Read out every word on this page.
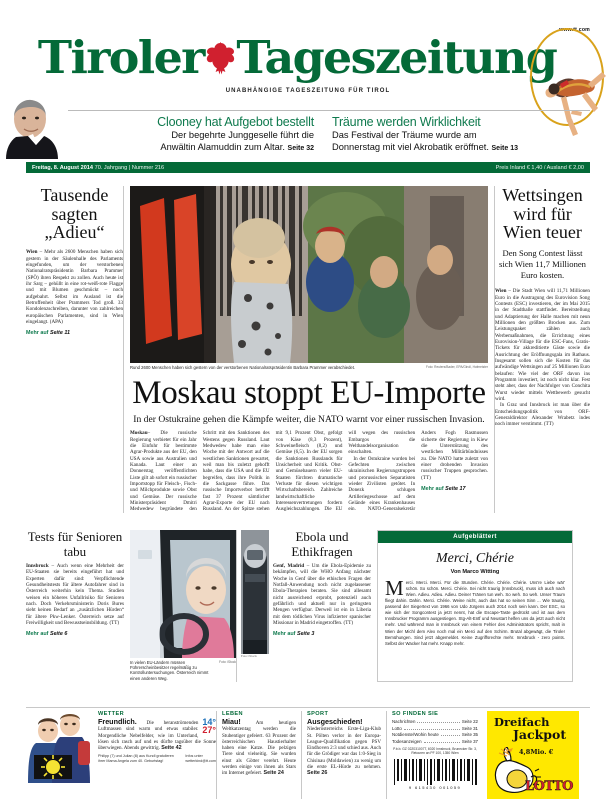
www.tt.com
Tiroler Tageszeitung
UNABHÄNGIGE TAGESZEITUNG FÜR TIROL
Clooney hat Aufgebot bestellt
Der begehrte Junggeselle führt die
Anwältin Alamuddin zum Altar. Seite 32
Träume werden Wirklichkeit
Das Festival der Träume wurde am
Donnerstag mit viel Akrobatik eröffnet. Seite 13
Freitag, 8. August 2014 70. Jahrgang | Nummer 216	Preis Inland € 1,40 / Ausland € 2,00
Tausende sagten „Adieu“
Wien – Mehr als 2600 Menschen haben sich gestern in der Säulenhalle des Parlaments eingefunden, um der verstorbenen Nationalratspräsidentin Barbara Prammer (SPÖ) ihren Respekt zu zollen. Auch heute ist ihr Sarg – gehüllt in eine rot-weiß-rote Flagge und mit Blumen geschmückt – noch aufgebahrt. Selbst im Ausland ist die Betroffenheit über Prammers Tod groß. 33 Kondolenzschreiben, darunter von zahlreichen europäischen Parlamenten, sind in Wien eingelangt. (APA)
Mehr auf Seite 11
Rund 2600 Menschen haben sich gestern von der verstorbenen Nationalratspräsidentin Barbara Prammer verabschiedet.	Foto: Reuters/Bader, EPA/Gindl, Hofmeister
Moskau stoppt EU-Importe
In der Ostukraine gehen die Kämpfe weiter, die NATO warnt vor einer russischen Invasion.

Moskau– Die russische Regierung verbietet für ein Jahr die Einfuhr für bestimmte Agrar-Produkte aus der EU, den USA sowie aus Australien und Kanada. Laut einer an Donnerstag veröffentlichten Liste gilt ab sofort ein russischer Importstopp für Fleisch-, Fisch- und Milchprodukte sowie Obst und Gemüse. Der russische Ministerpräsident Dmitri Medwedew begründete den Schritt mit den Sanktionen des Westens gegen Russland. Laut Medwedew habe man eine Woche mit der Antwort auf die westlichen Sanktionen gewartet, weil man bis zuletzt gehofft habe, dass die USA und die EU begreifen, dass ihre Politik in die Sackgasse führe. Das russische Importverbot betrifft fast 37 Prozent sämtlicher Agrar-Exporte der EU nach Russland. An der Spitze stehen mit 9,1 Prozent Obst, gefolgt von Käse (8,3 Prozent), Schweinefleisch (8,2) und Gemüse (6,5). In der EU sorgen die Sanktionen Russlands für Unsicherheit und Kritik. Obst- und Gemüsebauern vieler EU-Staaten fürchten dramatische Verluste für diesen wichtigen Wirtschaftsbereich. Zahlreiche landwirtschaftliche Interessenvertretungen fordern Ausgleichszahlungen. Die EU will wegen des russischen Embargos die Welthandelsorganisation einschalten.

In der Ostukraine wurden bei Gefechten zwischen ukrainischen Regierungstruppen und prorussischen Separatisten wieder Zivilisten getötet. In Donezk schlugen Artilleriegeschosse auf dem Gelände eines Krankenhauses ein. NATO-Generalsekretär Anders Fogh Rasmussen sicherte der Regierung in Kiew die Unterstützung des westlichen Militärbündnisses zu. Die NATO hatte zuletzt von einer drohenden Invasion russischer Truppen gesprochen. (TT)

Mehr auf Seite 17
Wettsingen wird für Wien teuer
Den Song Contest lässt sich Wien 11,7 Millionen Euro kosten.
Wien – Die Stadt Wien will 11,71 Millionen Euro in die Austragung des Eurovision Song Contests (ESC) investieren, der im Mai 2015 in der Stadthalle stattfindet. Bereitstellung und Adaptierung der Halle machen mit neun Millionen den größten Brocken aus. Zum Leistungspaket zählen auch Werbemaßnahmen, die Errichtung eines Eurovision-Village für die ESC-Fans, Gratis-Tickets für akkreditierte Gäste sowie die Ausrichtung der Eröffnungsgala im Rathaus. Insgesamt sollen sich die Kosten für das aufwändige Wettsingen auf 25 Millionen Euro belaufen: Wie viel der ORF davon ins Programm investiert, ist noch nicht klar. Fest steht aber, dass der Nachfolger von Conchita Wurst wieder mittels Wettbewerb gesucht wird.
In Graz und Innsbruck ist man über die Entscheidungspolitik von ORF-Generaldirektor Alexander Wrabetz indes noch immer verstimmt. (TT)
Tests für Senioren tabu
Innsbruck – Auch wenn eine Mehrheit der EU-Staaten sie bereits eingeführt hat und Experten dafür sind: Verpflichtende Gesundheitstests für ältere Autofahrer sind in Österreich weiterhin kein Thema. Studien weisen ein höheres Unfallrisiko für Senioren nach. Doch Verkehrsministerin Doris Bures sieht keinen Bedarf an „zusätzlichen Hürden“ für ältere Pkw-Lenker. Österreich setze auf Freiwilligkeit und Bewusstseinsbildung. (TT)
Mehr auf Seite 6
In vielen EU-Ländern müssen Führerscheinbesitzer regelmäßig zu Kontrolluntersuchungen. Österreich nimmt einen anderen Weg.
Foto: iStock
Foto: iStock
Ebola und Ethikfragen
Genf, Madrid – Um die Ebola-Epidemie zu bekämpfen, will die WHO Anfang nächster Woche in Genf über die ethischen Fragen der Notfall-Anwendung noch nicht zugelassener Ebola-Therapien beraten. Sie sind allesamt nicht ausreichend erprobt, potenziell auch gefährlich und aktuell nur in geringsten Mengen verfügbar. Derweil ist ein in Liberia mit dem tödlichen Virus infizierter spanischer Missionar in Madrid eingetroffen. (TT)
Mehr auf Seite 3
Aufgeblättert
Merci, Chérie
Von Marco Witting
Merci. Merci. Merci. Für die Stunden. Chérie. Chérie. Chérie. Uns're Liebe wär' schön. So schön. Merci. Chérie. Sei nicht traurig (Innsbruck), muss ich auch nach Wien. Adieu. Adieu. Adieu. Deiner Tränen tun weh. So weh. So weh. Unser Traum fliegt dahin. Dahin. Merci. Chérie. Weine nicht, auch das hat so seinen Sinn ... Wie traurig, passend der Siegertext von 1966 von Udo Jürgens auch 2014 noch sein kann. Der ESC, so wie sich der Songcontest ja jetzt nennt, hat die Escape-Taste gedrückt und ist aus dem Innsbrucker Programm ausgestiegen. Stg-Alt-Entf und Neustart helfen uns da jetzt auch nicht mehr. Und während man in Innsbruck von einem Fehler des Administrators spricht, malt in Wien der Michl dem Alex noch mal ein Merci auf den Schirm. Brutal abgewägt, die Tiroler Bemühungen. Sind jetzt abgemeldet. Keine Zugriffsrechte mehr. Innsbruck - zero points. Selbst der Wacker hat mehr. Knapp mehr.
WETTER
14°
27°
Freundlich. Die heranströmenden Luftmassen sind warm und etwas stabiler. Morgendliche Nebelfelder, wie im Unterland, lösen sich rasch auf und es dürfte tagsüber die Sonne überwiegen. Abends gewittrig. Seite 42
Philipp (7) und Julian (8) aus Kundl gratulieren ihrer Mama Angela zum 40. Geburtstag!
Infos unter wetterkind@tt.com
LEBEN
Miau!	Am heutigen Weltkatzentag werden die Stubentiger gefeiert. 63 Prozent der österreichischen Haustierhalter haben eine Katze. Die pelzigen Tiere sind vielseitig. Sie wurden einst als Götter verehrt. Heute werden einige von ihnen als Stars im Internet gefeiert. Seite 24
SPORT
Ausgeschieden! Niederösterreichs Erste-Liga-Klub St. Pölten verlor in der Europa-League-Qualifikation gegen PSV Eindhoven 2:3 und schied aus. Auch für die Grödiger war das 1:0-Sieg in Chisinau (Moldawien) zu wenig um die erste EL-Hürde zu nehmen. Seite 26
SO FINDEN SIE
Nachrichten	Seite 22
Lotto	Seite 31
Notdienste/Wohin heute	Seite 35
Todesanzeigen	Seite 37
P.b.b. GZ 02Z031007T, 6020 Innsbruck, Brunecker Str. 3, Retouren an PF 100, 1350 Wien
9 615430 001059
Dreifach
Jackpot
4,8Mio. €
LOTTO
